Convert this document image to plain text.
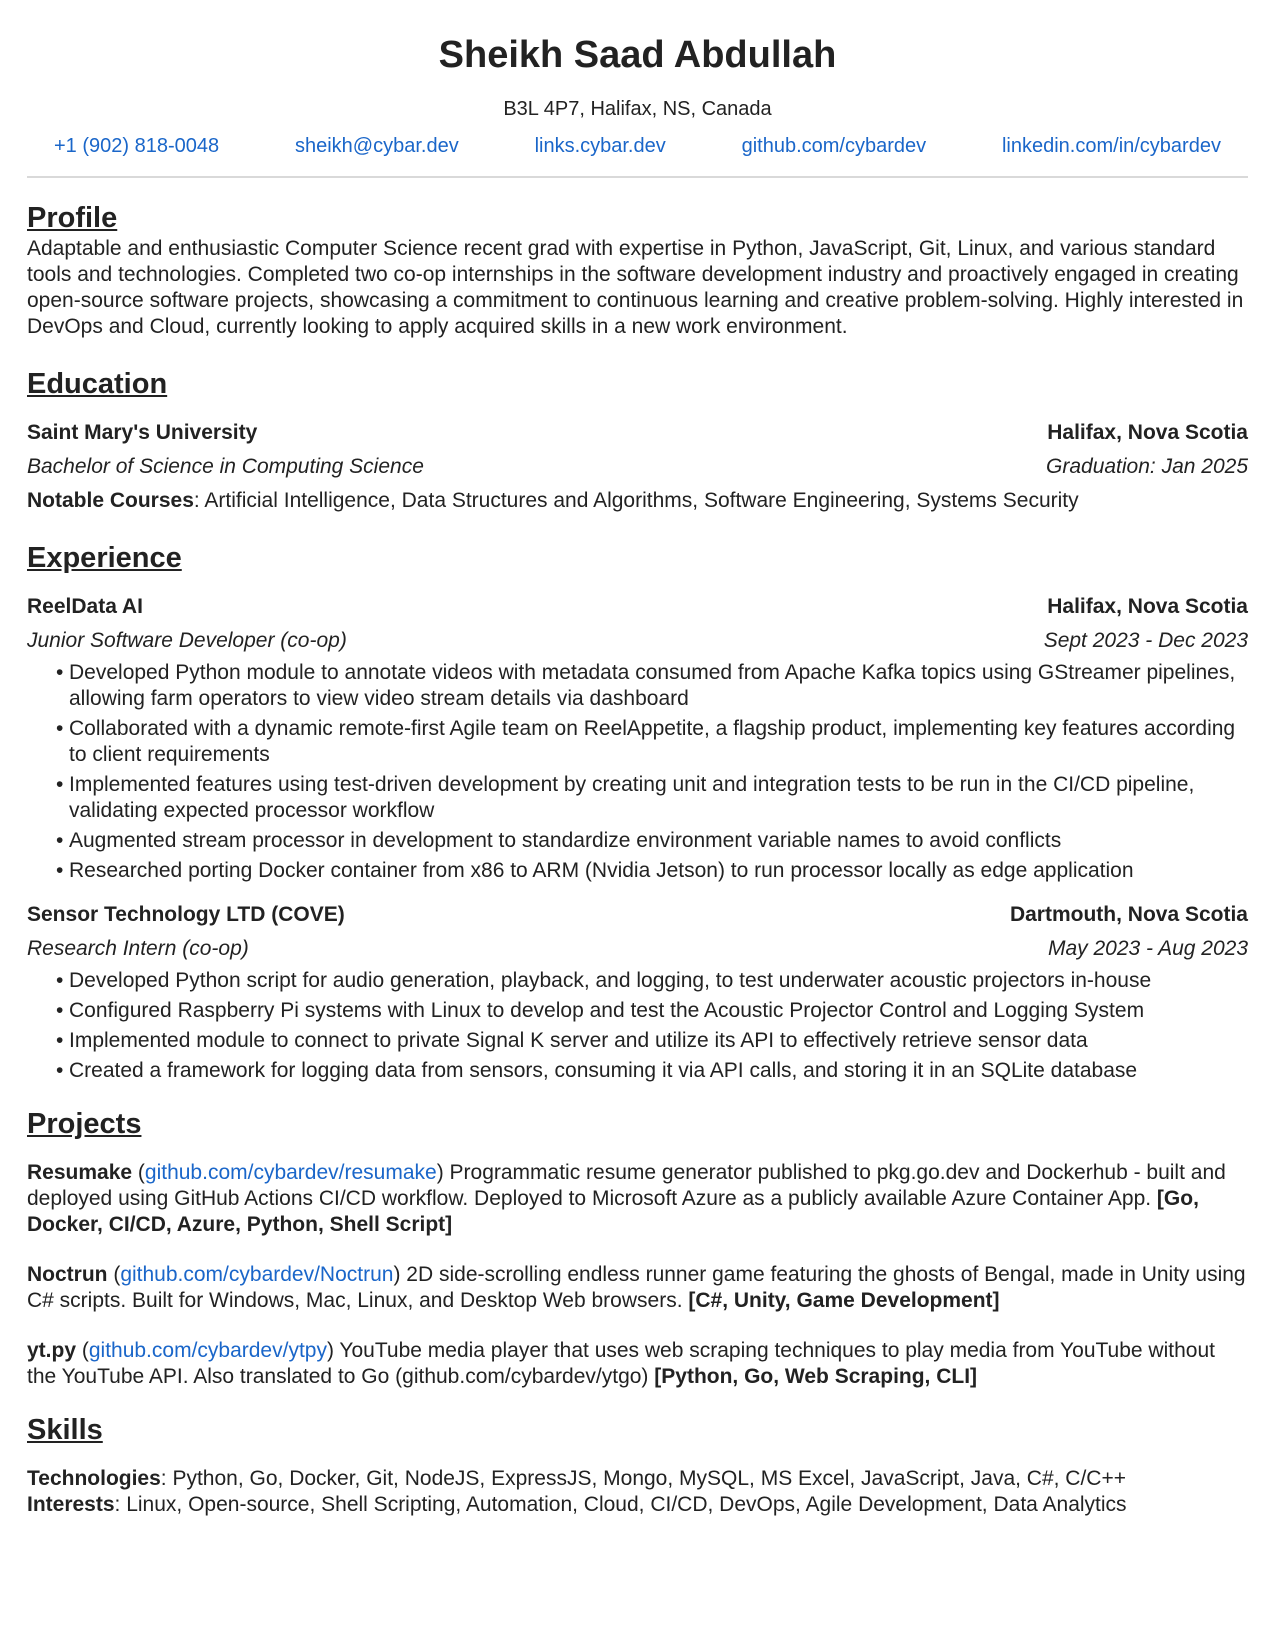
Sheikh Saad Abdullah
B3L 4P7, Halifax, NS, Canada
+1 (902) 818-0048	sheikh@cybar.dev	links.cybar.dev	github.com/cybardev	linkedin.com/in/cybardev
Profile

Adaptable and enthusiastic Computer Science recent grad with expertise in Python, JavaScript, Git, Linux, and various standard tools and technologies. Completed two co-op internships in the software development industry and proactively engaged in creating open-source software projects, showcasing a commitment to continuous learning and creative problem-solving. Highly interested in DevOps and Cloud, currently looking to apply acquired skills in a new work environment.

Education
Saint Mary's University	Halifax, Nova Scotia
Bachelor of Science in Computing Science	Graduation: Jan 2025
Notable Courses: Artificial Intelligence, Data Structures and Algorithms, Software Engineering, Systems Security
Experience
ReelData AI	Halifax, Nova Scotia
Junior Software Developer (co-op)	Sept 2023 - Dec 2023
• Developed Python module to annotate videos with metadata consumed from Apache Kafka topics using GStreamer pipelines, allowing farm operators to view video stream details via dashboard
• Collaborated with a dynamic remote-first Agile team on ReelAppetite, a flagship product, implementing key features according to client requirements
• Implemented features using test-driven development by creating unit and integration tests to be run in the CI/CD pipeline, validating expected processor workflow
• Augmented stream processor in development to standardize environment variable names to avoid conflicts
• Researched porting Docker container from x86 to ARM (Nvidia Jetson) to run processor locally as edge application
Sensor Technology LTD (COVE)	Dartmouth, Nova Scotia
Research Intern (co-op)	May 2023 - Aug 2023
• Developed Python script for audio generation, playback, and logging, to test underwater acoustic projectors in-house
• Configured Raspberry Pi systems with Linux to develop and test the Acoustic Projector Control and Logging System
• Implemented module to connect to private Signal K server and utilize its API to effectively retrieve sensor data
• Created a framework for logging data from sensors, consuming it via API calls, and storing it in an SQLite database
Projects
Resumake (github.com/cybardev/resumake) Programmatic resume generator published to pkg.go.dev and Dockerhub - built and deployed using GitHub Actions CI/CD workflow. Deployed to Microsoft Azure as a publicly available Azure Container App. [Go, Docker, CI/CD, Azure, Python, Shell Script]
Noctrun (github.com/cybardev/Noctrun) 2D side-scrolling endless runner game featuring the ghosts of Bengal, made in Unity using C# scripts. Built for Windows, Mac, Linux, and Desktop Web browsers. [C#, Unity, Game Development]
yt.py (github.com/cybardev/ytpy) YouTube media player that uses web scraping techniques to play media from YouTube without the YouTube API. Also translated to Go (github.com/cybardev/ytgo) [Python, Go, Web Scraping, CLI]
Skills
Technologies: Python, Go, Docker, Git, NodeJS, ExpressJS, Mongo, MySQL, MS Excel, JavaScript, Java, C#, C/C++
Interests: Linux, Open-source, Shell Scripting, Automation, Cloud, CI/CD, DevOps, Agile Development, Data Analytics
